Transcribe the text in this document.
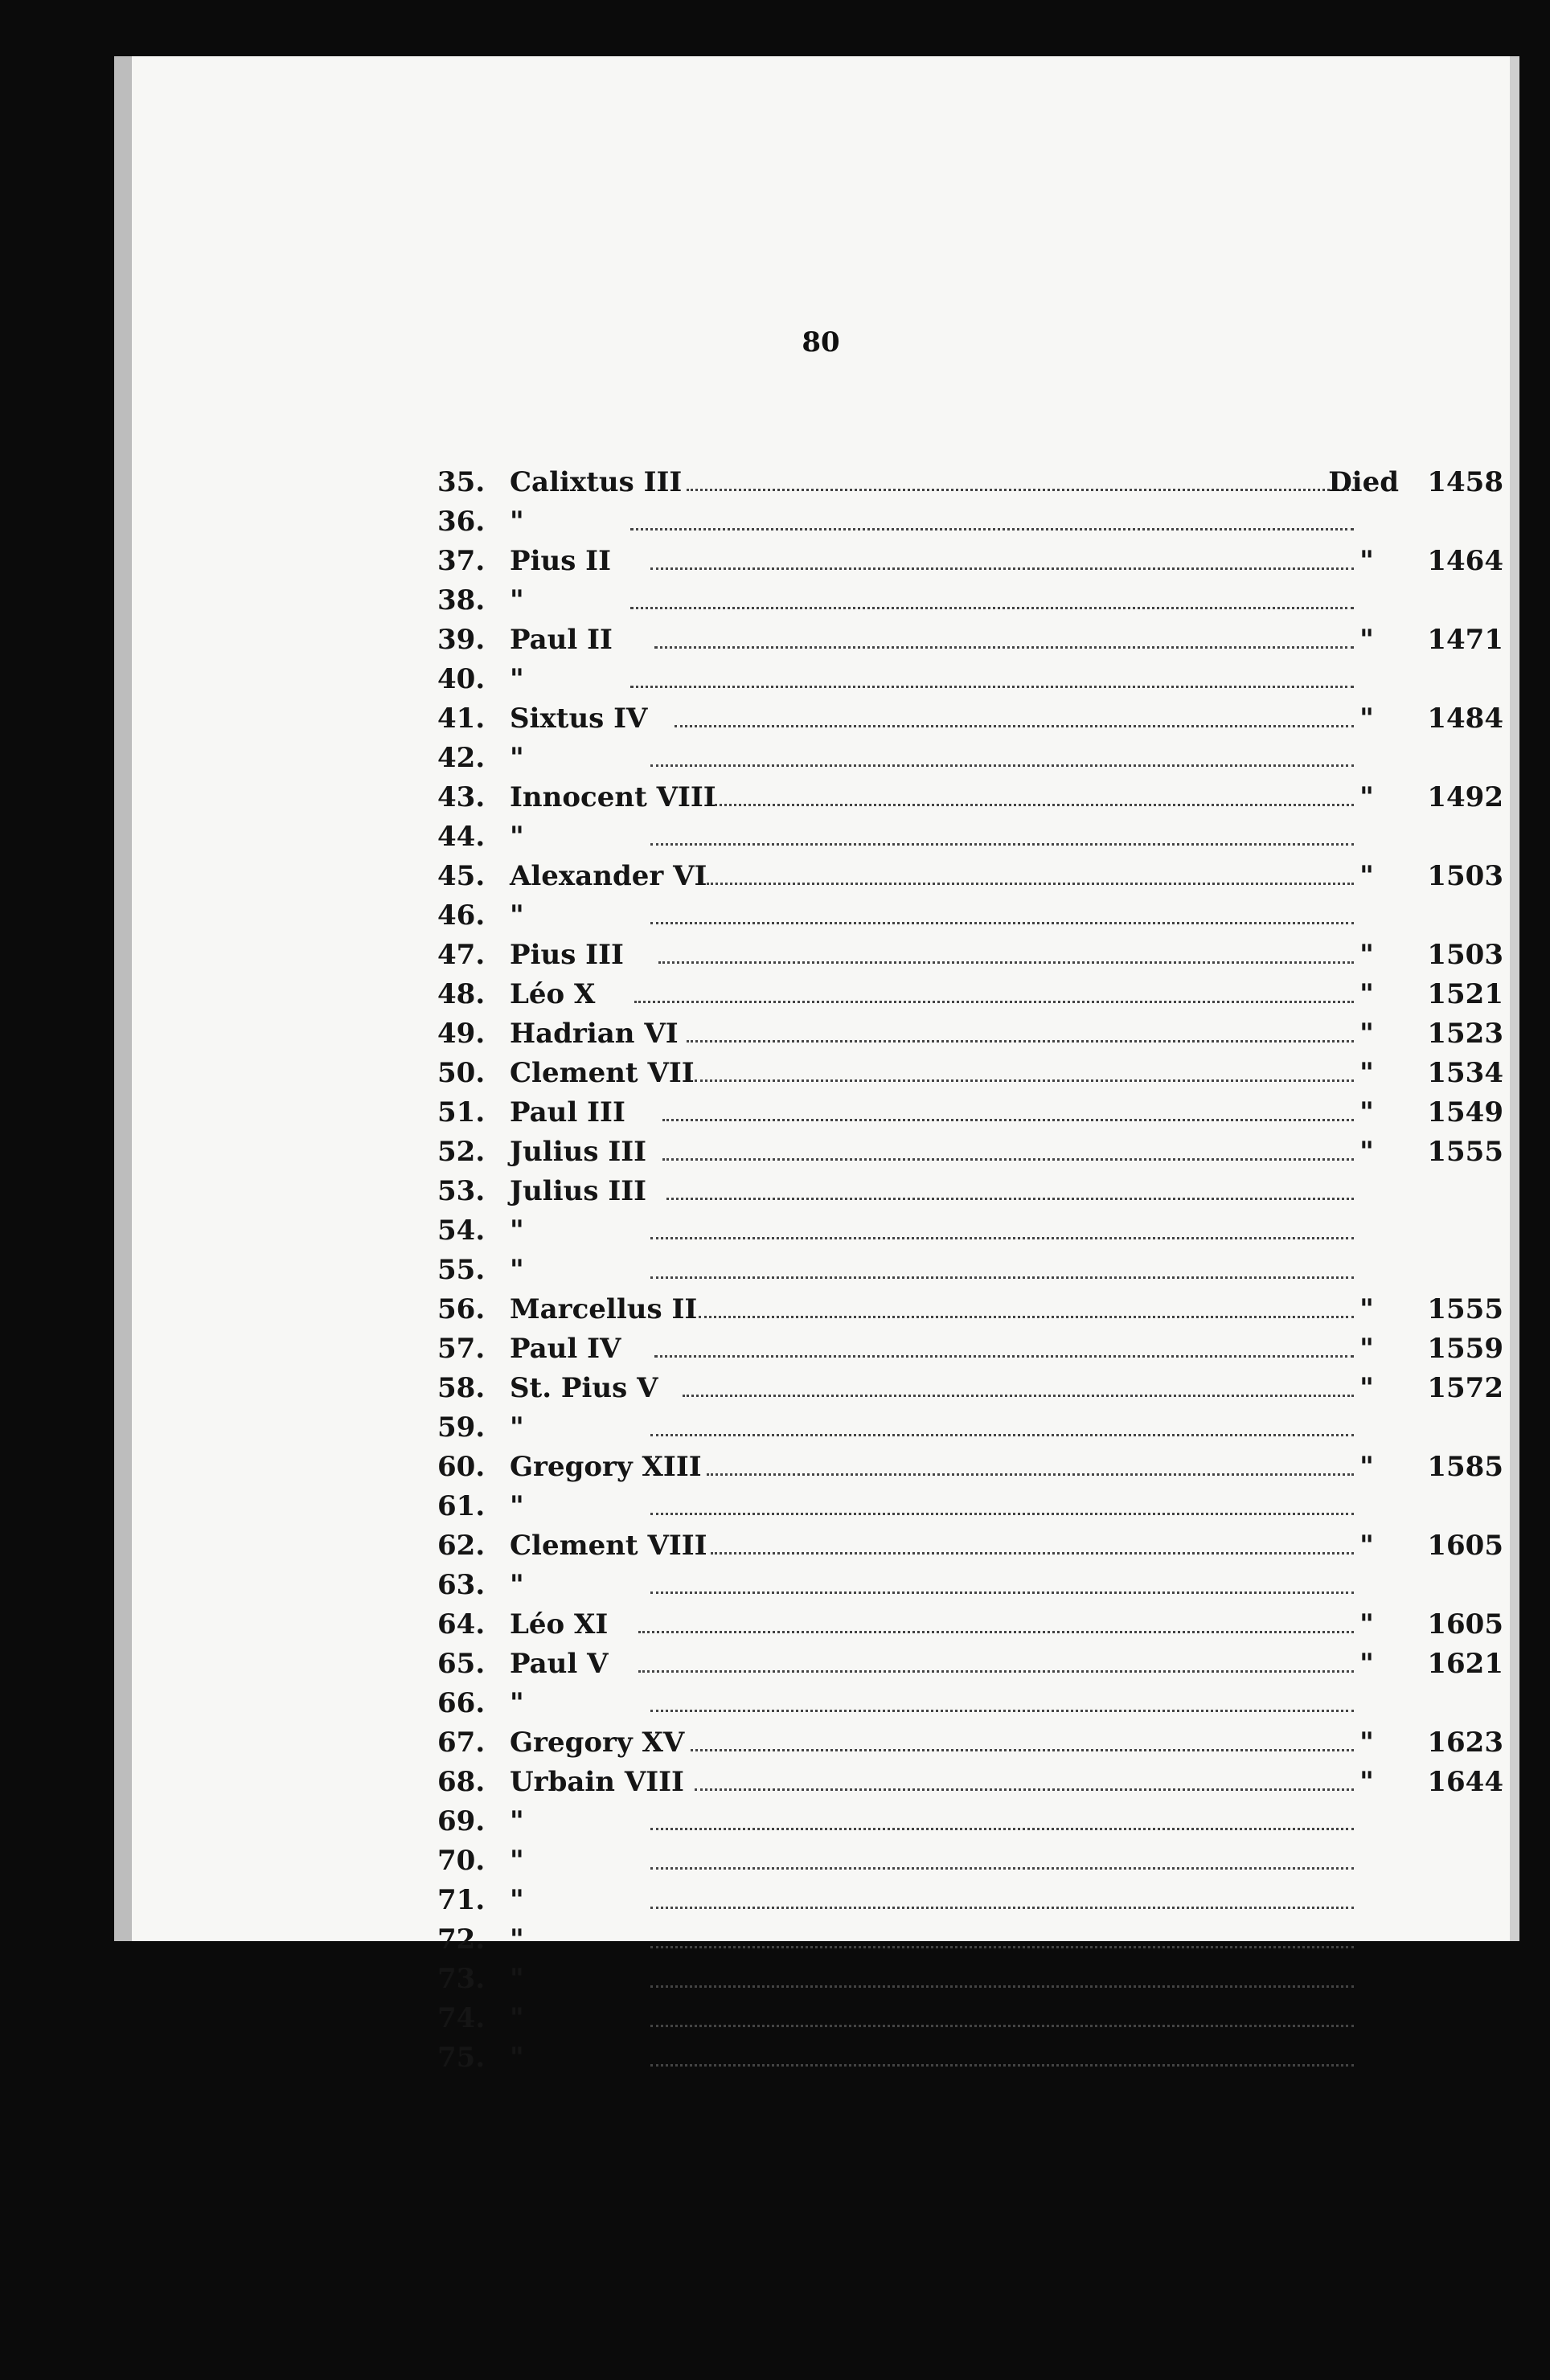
80
35. Calixtus III	Died	1458
36. "
37. Pius II	"	1464
38. "
39. Paul II	"	1471
40. "
41. Sixtus IV	"	1484
42. "
43. Innocent VIII	"	1492
44. "
45. Alexander VI	"	1503
46. "
47. Pius III	"	1503
48. Léo X	"	1521
49. Hadrian VI	"	1523
50. Clement VII	"	1534
51. Paul III	"	1549
52. Julius III	"	1555
53. Julius III
54. "
55. "
56. Marcellus II	"	1555
57. Paul IV	"	1559
58. St. Pius V	"	1572
59. "
60. Gregory XIII	"	1585
61. "
62. Clement VIII	"	1605
63. "
64. Léo XI	"	1605
65. Paul V	"	1621
66. "
67. Gregory XV	"	1623
68. Urbain VIII	"	1644
69. "
70. "
71. "
72. "
73. "
74. "
75. "
